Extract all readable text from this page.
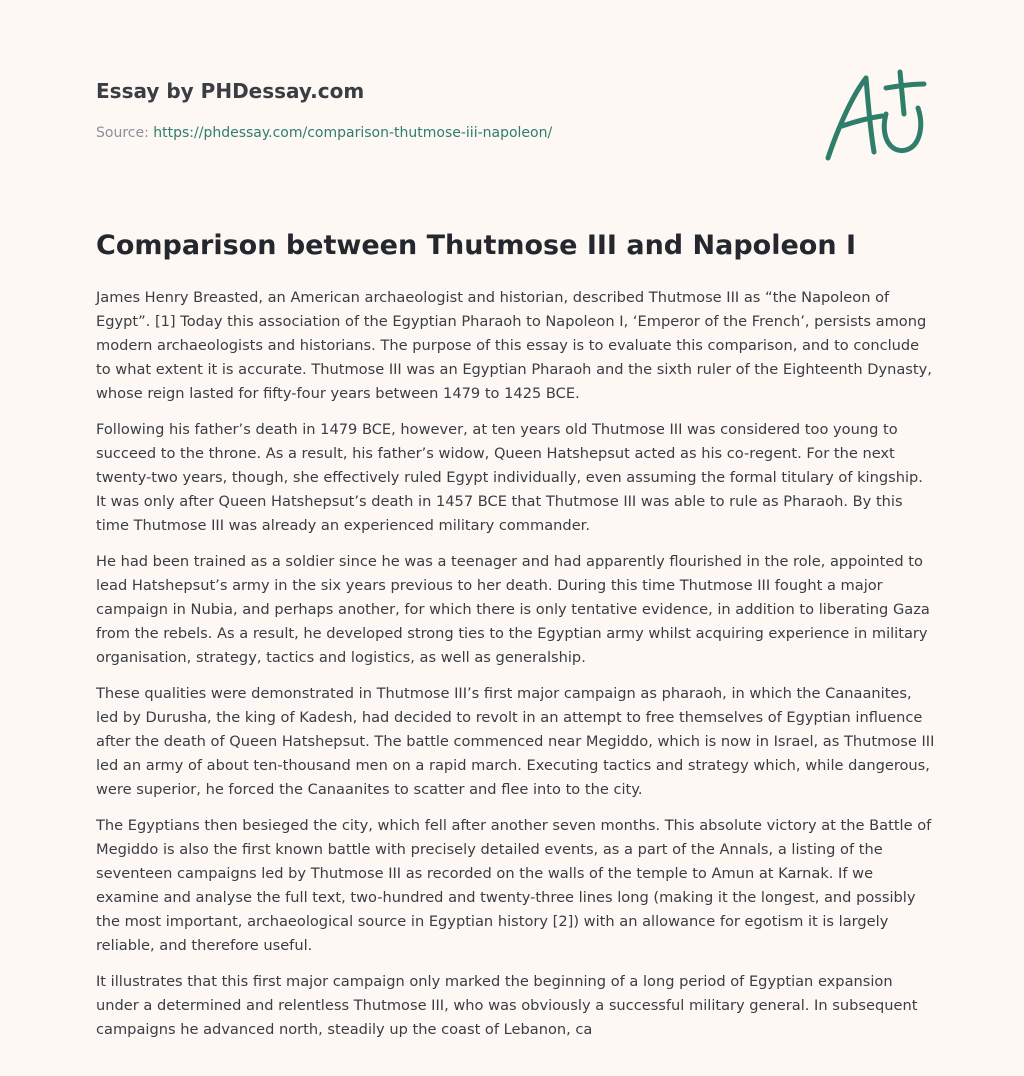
Essay by PHDessay.com
Source: https://phdessay.com/comparison-thutmose-iii-napoleon/
Comparison between Thutmose III and Napoleon I

James Henry Breasted, an American archaeologist and historian, described Thutmose III as “the Napoleon of Egypt”. [1] Today this association of the Egyptian Pharaoh to Napoleon I, ‘Emperor of the French’, persists among modern archaeologists and historians. The purpose of this essay is to evaluate this comparison, and to conclude to what extent it is accurate. Thutmose III was an Egyptian Pharaoh and the sixth ruler of the Eighteenth Dynasty, whose reign lasted for fifty-four years between 1479 to 1425 BCE.

Following his father’s death in 1479 BCE, however, at ten years old Thutmose III was considered too young to succeed to the throne. As a result, his father’s widow, Queen Hatshepsut acted as his co-regent. For the next twenty-two years, though, she effectively ruled Egypt individually, even assuming the formal titulary of kingship. It was only after Queen Hatshepsut’s death in 1457 BCE that Thutmose III was able to rule as Pharaoh. By this time Thutmose III was already an experienced military commander.

He had been trained as a soldier since he was a teenager and had apparently flourished in the role, appointed to lead Hatshepsut’s army in the six years previous to her death. During this time Thutmose III fought a major campaign in Nubia, and perhaps another, for which there is only tentative evidence, in addition to liberating Gaza from the rebels. As a result, he developed strong ties to the Egyptian army whilst acquiring experience in military organisation, strategy, tactics and logistics, as well as generalship.

These qualities were demonstrated in Thutmose III’s first major campaign as pharaoh, in which the Canaanites, led by Durusha, the king of Kadesh, had decided to revolt in an attempt to free themselves of Egyptian influence after the death of Queen Hatshepsut. The battle commenced near Megiddo, which is now in Israel, as Thutmose III led an army of about ten-thousand men on a rapid march. Executing tactics and strategy which, while dangerous, were superior, he forced the Canaanites to scatter and flee into to the city.

The Egyptians then besieged the city, which fell after another seven months. This absolute victory at the Battle of Megiddo is also the first known battle with precisely detailed events, as a part of the Annals, a listing of the seventeen campaigns led by Thutmose III as recorded on the walls of the temple to Amun at Karnak. If we examine and analyse the full text, two-hundred and twenty-three lines long (making it the longest, and possibly the most important, archaeological source in Egyptian history [2]) with an allowance for egotism it is largely reliable, and therefore useful.

It illustrates that this first major campaign only marked the beginning of a long period of Egyptian expansion under a determined and relentless Thutmose III, who was obviously a successful military general. In subsequent campaigns he advanced north, steadily up the coast of Lebanon, ca
